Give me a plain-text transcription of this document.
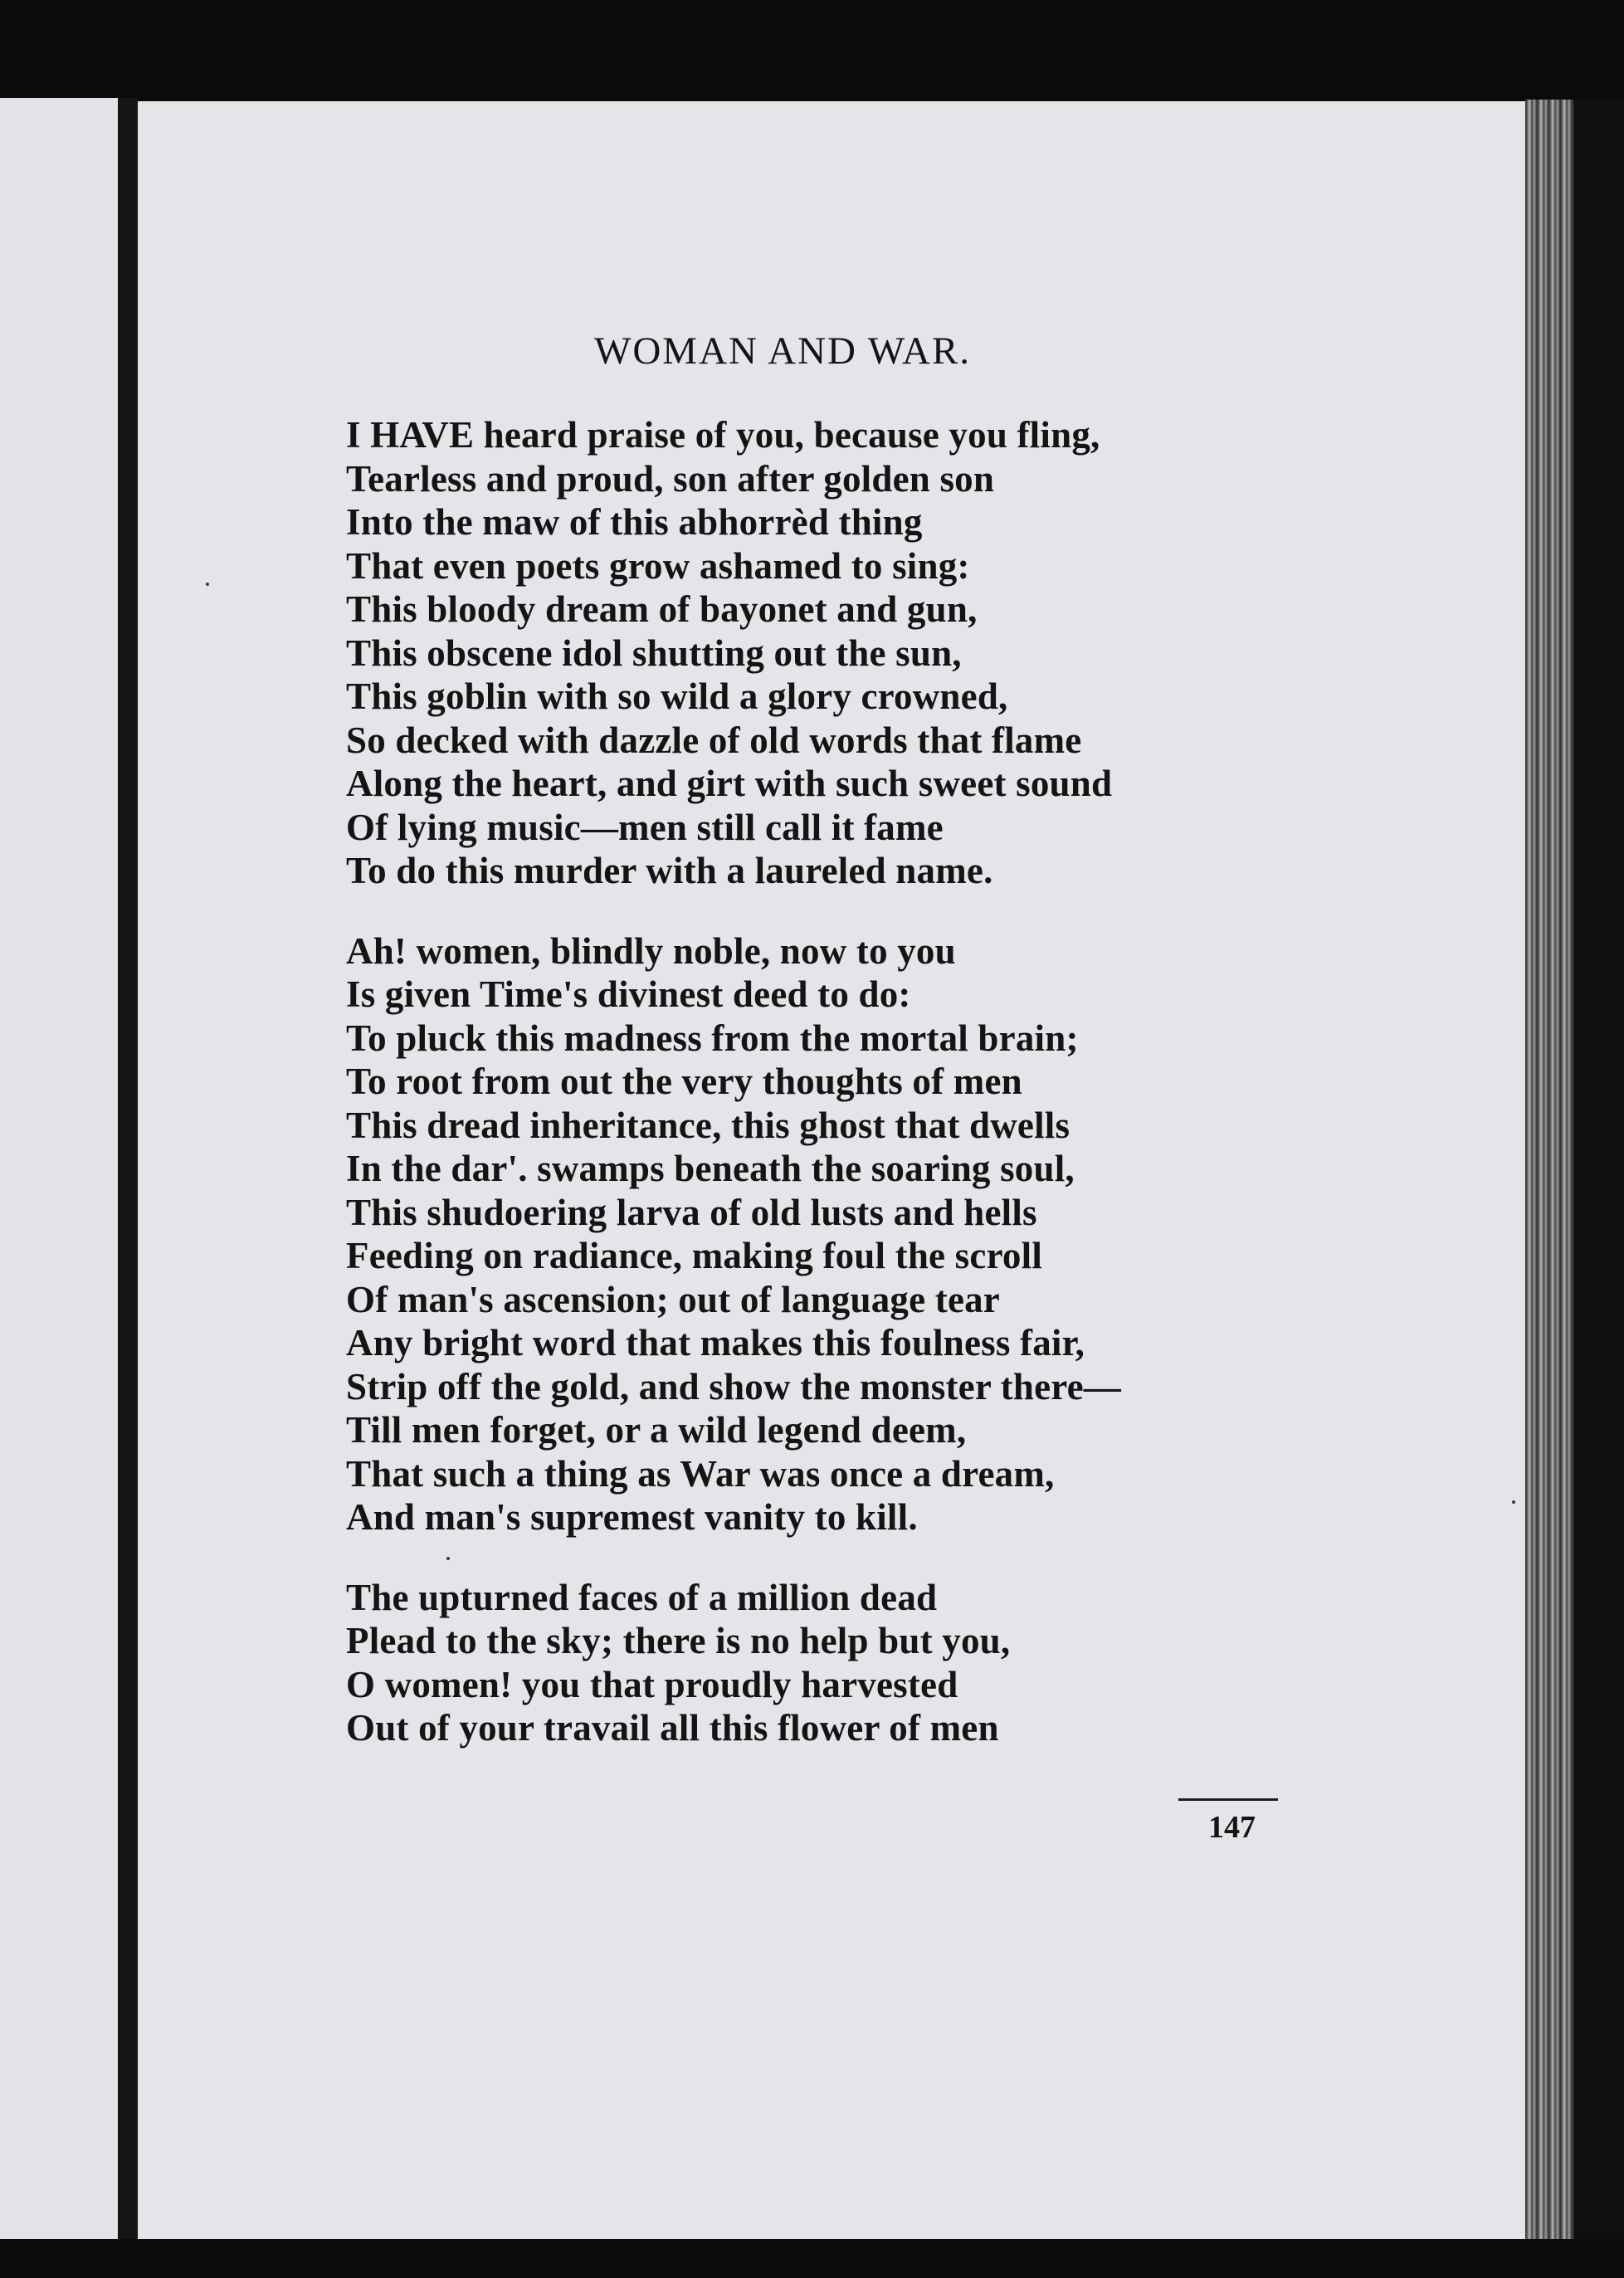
WOMAN AND WAR.
I HAVE heard praise of you, because you fling,
Tearless and proud, son after golden son
Into the maw of this abhorrèd thing
That even poets grow ashamed to sing:
This bloody dream of bayonet and gun,
This obscene idol shutting out the sun,
This goblin with so wild a glory crowned,
So decked with dazzle of old words that flame
Along the heart, and girt with such sweet sound
Of lying music—men still call it fame
To do this murder with a laureled name.
Ah! women, blindly noble, now to you
Is given Time's divinest deed to do:
To pluck this madness from the mortal brain;
To root from out the very thoughts of men
This dread inheritance, this ghost that dwells
In the dar'. swamps beneath the soaring soul,
This shudoering larva of old lusts and hells
Feeding on radiance, making foul the scroll
Of man's ascension; out of language tear
Any bright word that makes this foulness fair,
Strip off the gold, and show the monster there—
Till men forget, or a wild legend deem,
That such a thing as War was once a dream,
And man's supremest vanity to kill.
The upturned faces of a million dead
Plead to the sky; there is no help but you,
O women! you that proudly harvested
Out of your travail all this flower of men
147
